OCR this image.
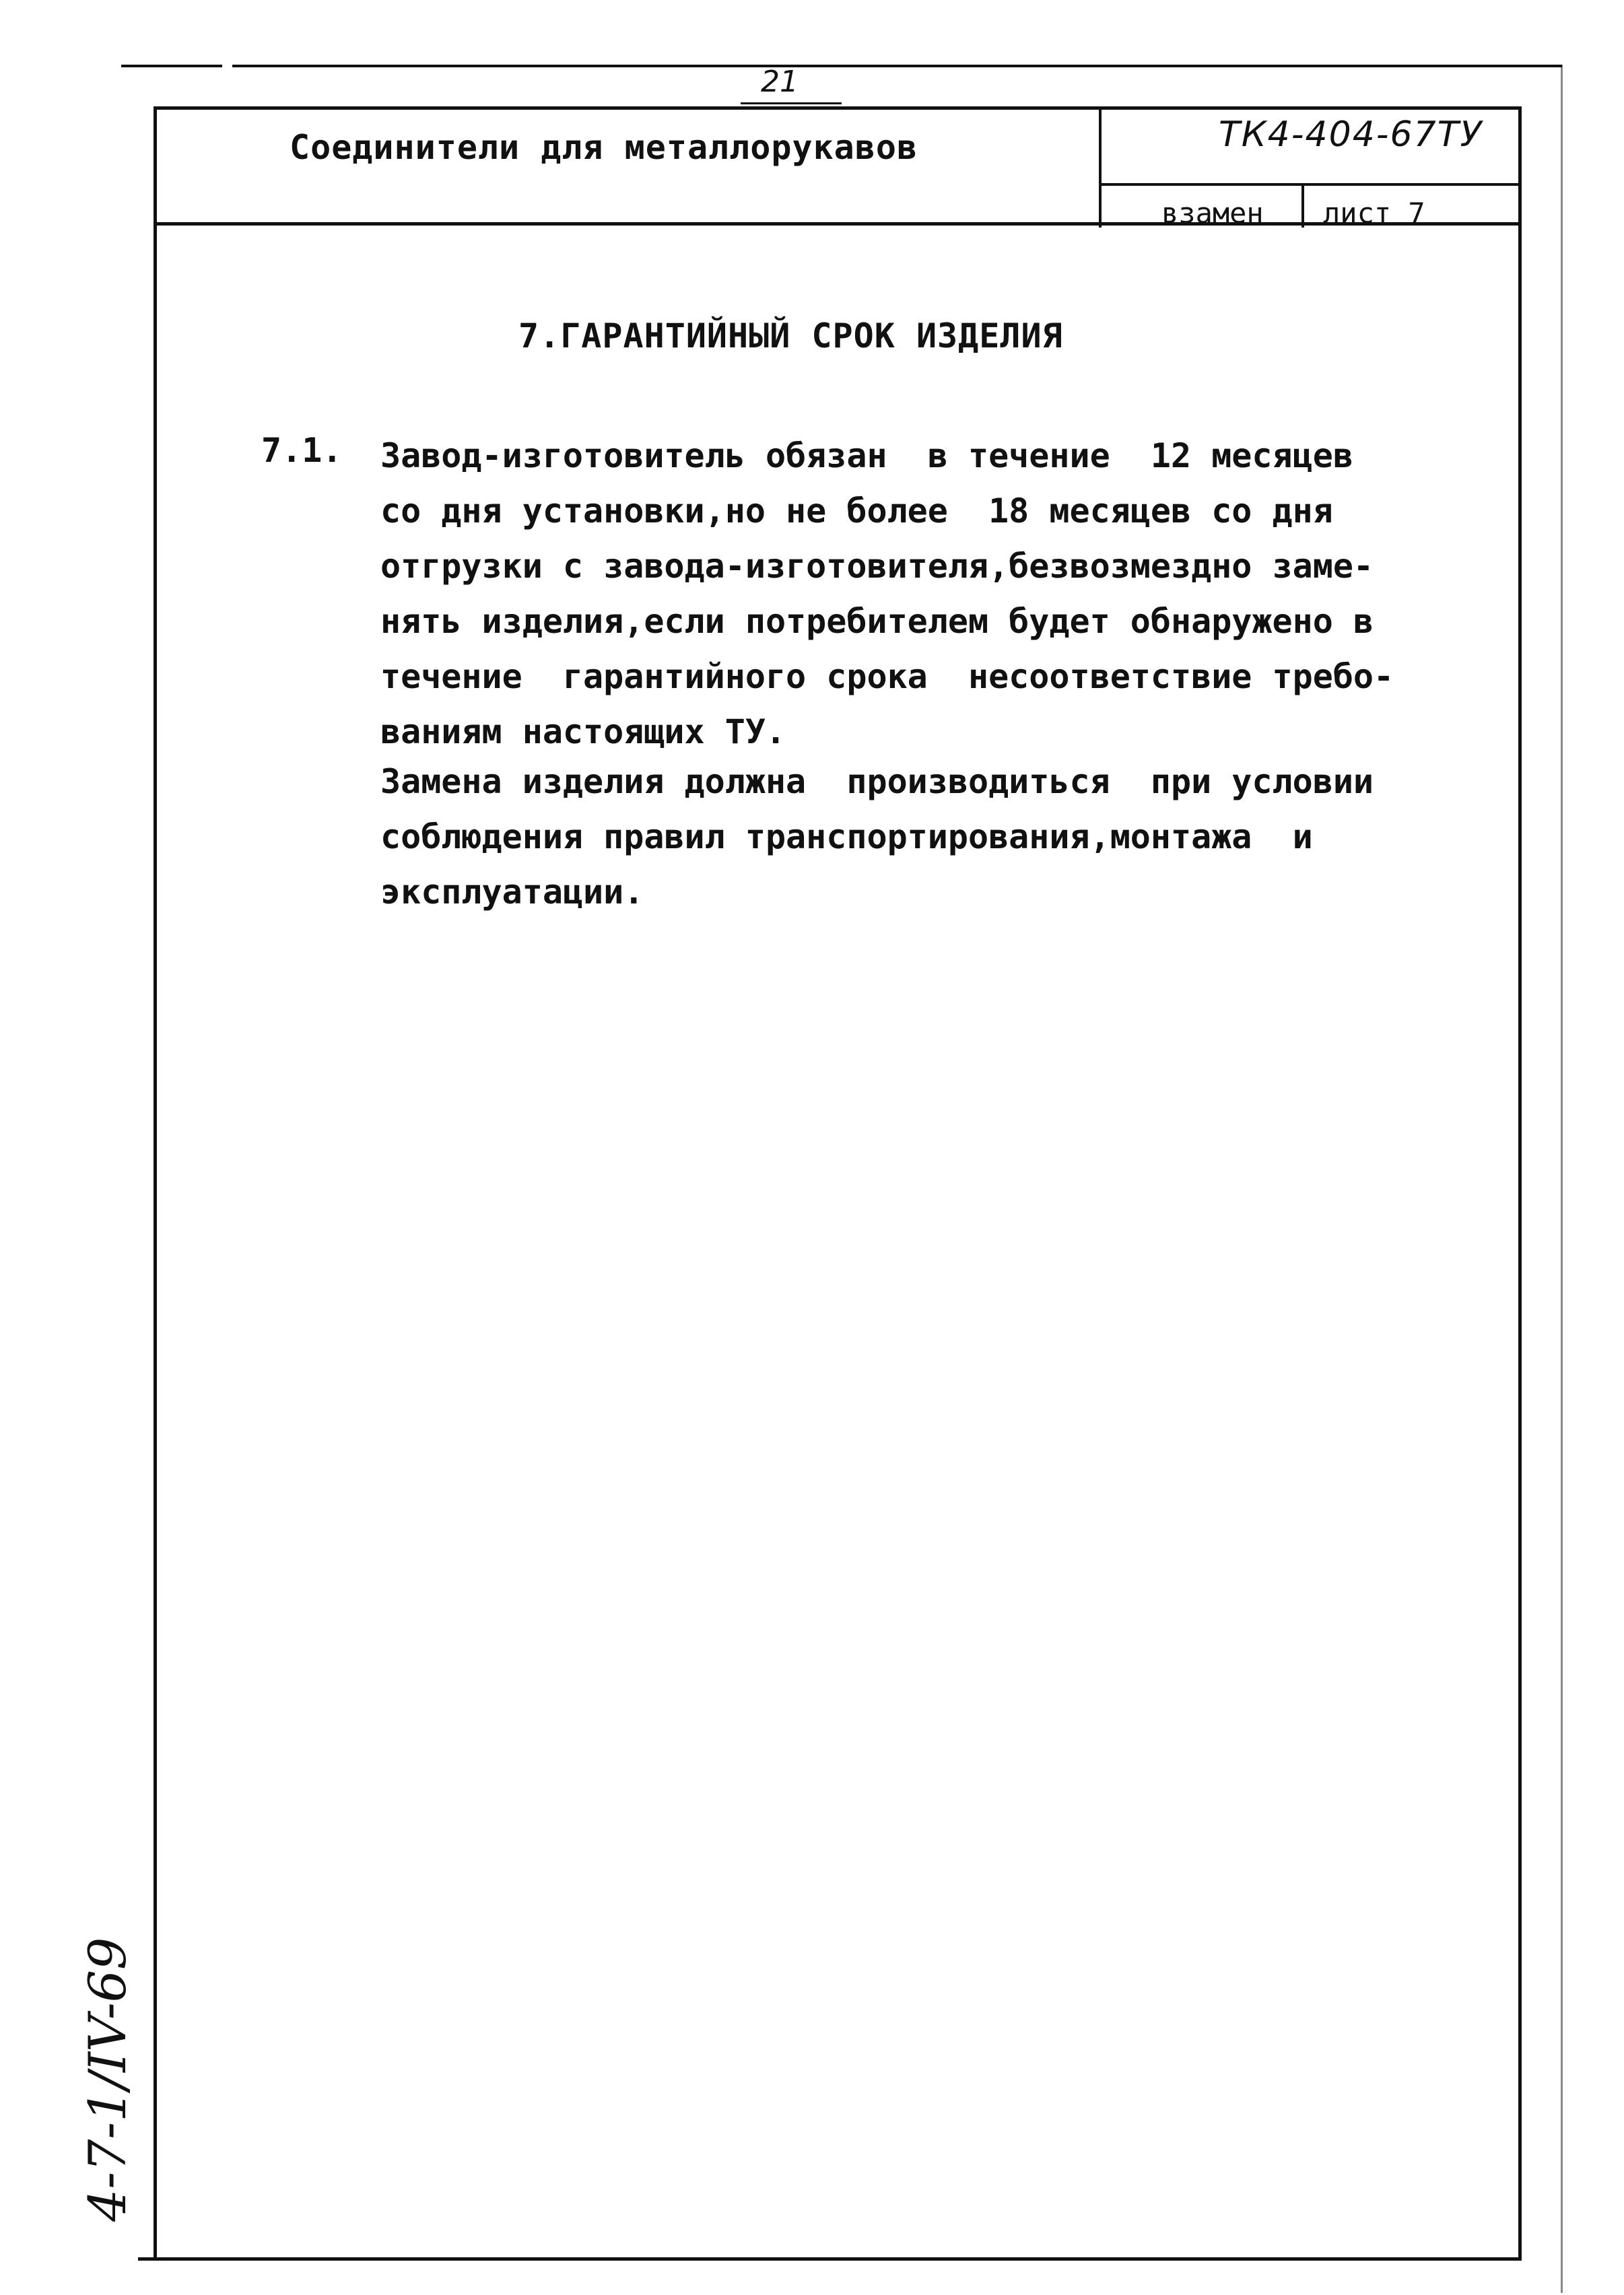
21
Соединители для металлорукавов	ТК4-404-67ТУ
взамен лист 7
7.ГАРАНТИЙНЫЙ СРОК ИЗДЕЛИЯ
7.1. Завод-изготовитель обязан  в течение  12 месяцев
со дня установки,но не более  18 месяцев со дня
отгрузки с завода-изготовителя,безвозмездно заме-
нять изделия,если потребителем будет обнаружено в
течение  гарантийного срока  несоответствие требо-
ваниям настоящих ТУ.
Замена изделия должна  производиться  при условии
соблюдения правил транспортирования,монтажа  и
эксплуатации.
4-7-1/IV-69
